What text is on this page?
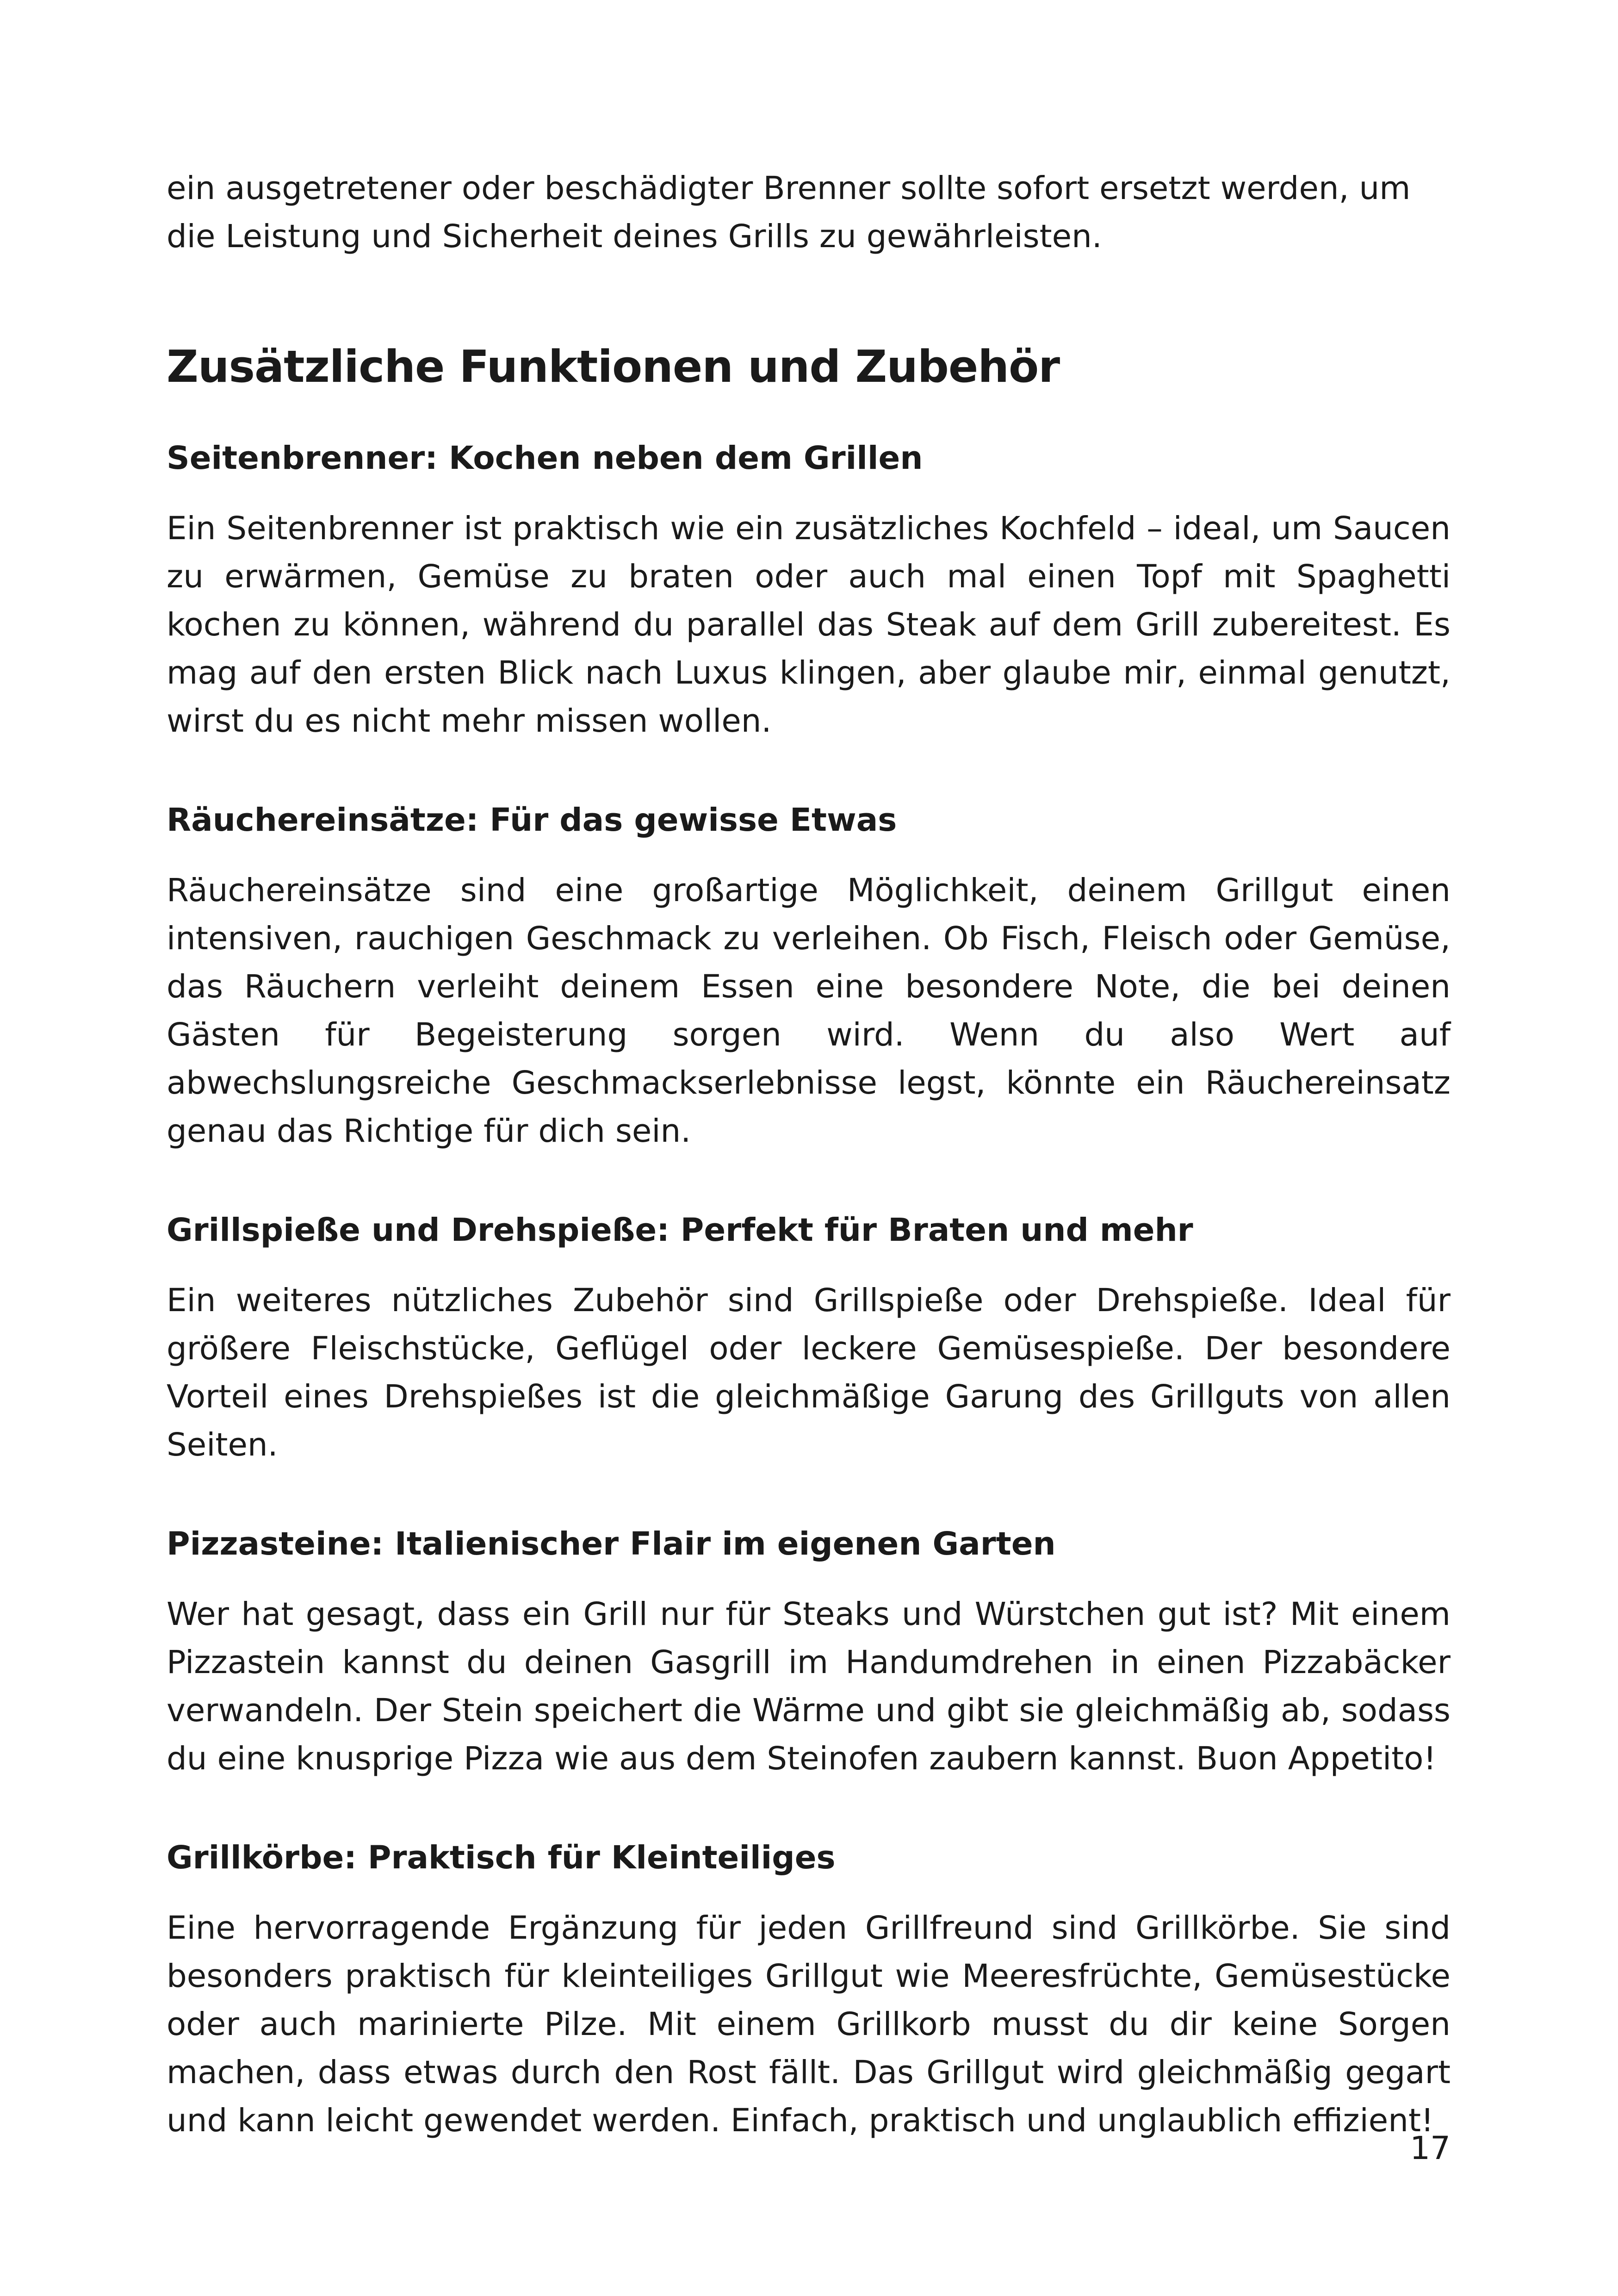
ein ausgetretener oder beschädigter Brenner sollte sofort ersetzt werden, um die Leistung und Sicherheit deines Grills zu gewährleisten.

Zusätzliche Funktionen und Zubehör
Seitenbrenner: Kochen neben dem Grillen

Ein Seitenbrenner ist praktisch wie ein zusätzliches Kochfeld – ideal, um Saucen zu erwärmen, Gemüse zu braten oder auch mal einen Topf mit Spaghetti kochen zu können, während du parallel das Steak auf dem Grill zubereitest. Es mag auf den ersten Blick nach Luxus klingen, aber glaube mir, einmal genutzt, wirst du es nicht mehr missen wollen.

Räuchereinsätze: Für das gewisse Etwas

Räuchereinsätze sind eine großartige Möglichkeit, deinem Grillgut einen intensiven, rauchigen Geschmack zu verleihen. Ob Fisch, Fleisch oder Gemüse, das Räuchern verleiht deinem Essen eine besondere Note, die bei deinen Gästen für Begeisterung sorgen wird. Wenn du also Wert auf abwechslungsreiche Geschmackserlebnisse legst, könnte ein Räuchereinsatz genau das Richtige für dich sein.

Grillspieße und Drehspieße: Perfekt für Braten und mehr

Ein weiteres nützliches Zubehör sind Grillspieße oder Drehspieße. Ideal für größere Fleischstücke, Geflügel oder leckere Gemüsespieße. Der besondere Vorteil eines Drehspießes ist die gleichmäßige Garung des Grillguts von allen Seiten.

Pizzasteine: Italienischer Flair im eigenen Garten

Wer hat gesagt, dass ein Grill nur für Steaks und Würstchen gut ist? Mit einem Pizzastein kannst du deinen Gasgrill im Handumdrehen in einen Pizzabäcker verwandeln. Der Stein speichert die Wärme und gibt sie gleichmäßig ab, sodass du eine knusprige Pizza wie aus dem Steinofen zaubern kannst. Buon Appetito!

Grillkörbe: Praktisch für Kleinteiliges

Eine hervorragende Ergänzung für jeden Grillfreund sind Grillkörbe. Sie sind besonders praktisch für kleinteiliges Grillgut wie Meeresfrüchte, Gemüsestücke oder auch marinierte Pilze. Mit einem Grillkorb musst du dir keine Sorgen machen, dass etwas durch den Rost fällt. Das Grillgut wird gleichmäßig gegart und kann leicht gewendet werden. Einfach, praktisch und unglaublich effizient!

17
